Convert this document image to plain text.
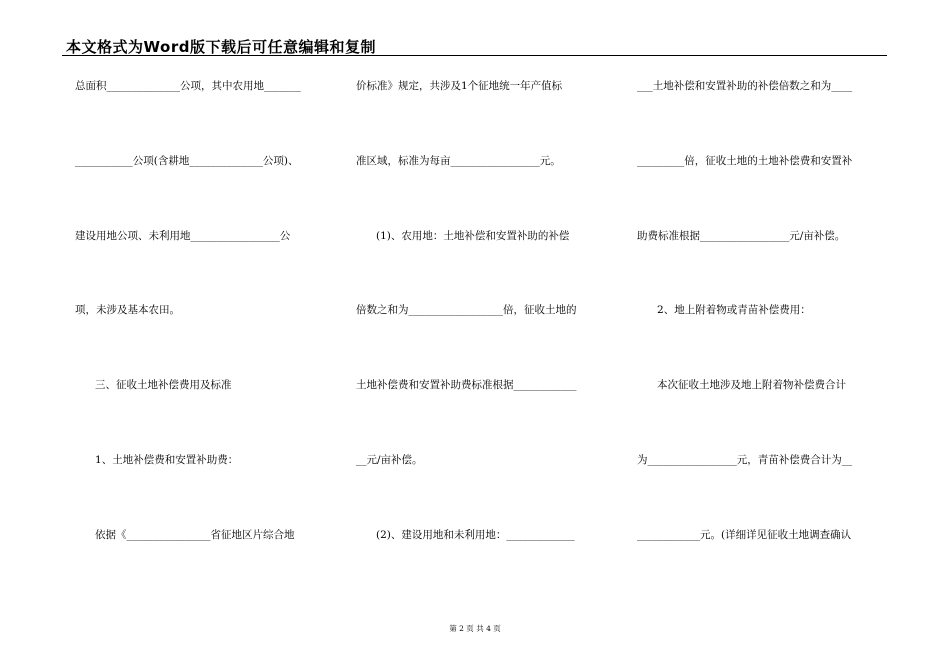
本文格式为Word版下载后可任意编辑和复制
总面积______________公项，其中农用地_______
___________公项(含耕地______________公项)、
建设用地公项、未利用地_________________公
项，未涉及基本农田。
三、征收土地补偿费用及标准
1、土地补偿费和安置补助费：
依据《________________省征地区片综合地
价标准》规定，共涉及1个征地统一年产值标
准区域，标准为每亩_________________元。
(1)、农用地：土地补偿和安置补助的补偿
倍数之和为__________________倍，征收土地的
土地补偿费和安置补助费标准根据____________
__元/亩补偿。
(2)、建设用地和未利用地：_____________
___土地补偿和安置补助的补偿倍数之和为____
_________倍，征收土地的土地补偿费和安置补
助费标准根据_________________元/亩补偿。
2、地上附着物或青苗补偿费用：
本次征收土地涉及地上附着物补偿费合计
为_________________元，青苗补偿费合计为__
____________元。(详细详见征收土地调查确认
第 2 页 共 4 页
